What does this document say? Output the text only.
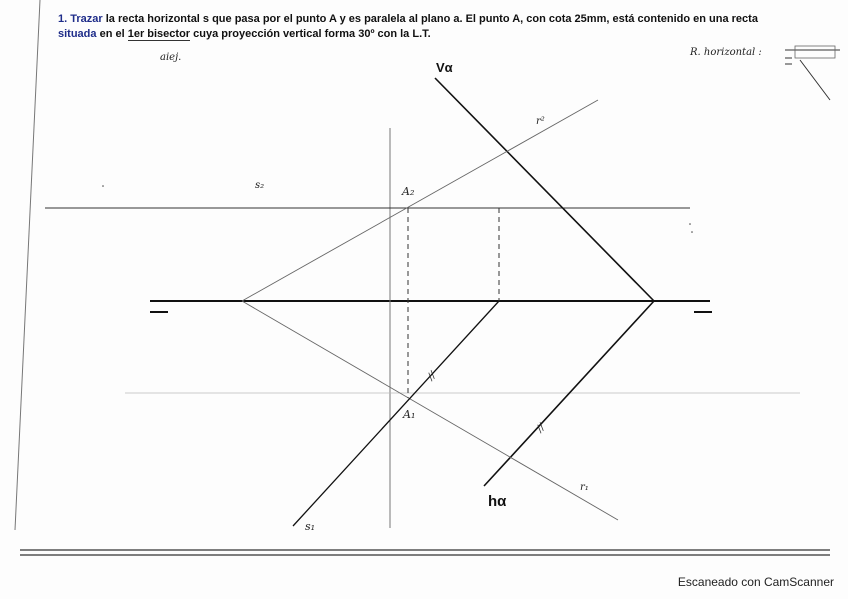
1. Trazar la recta horizontal s que pasa por el punto A y es paralela al plano a. El punto A, con cota 25mm, está contenido en una recta
situada en el 1er bisector cuya proyección vertical forma 30º con la L.T.
aiej.	R. horizontal :
Vα
hα
r²
r₁
s₂
s₁
A₂
A₁
//
//
Escaneado con CamScanner
